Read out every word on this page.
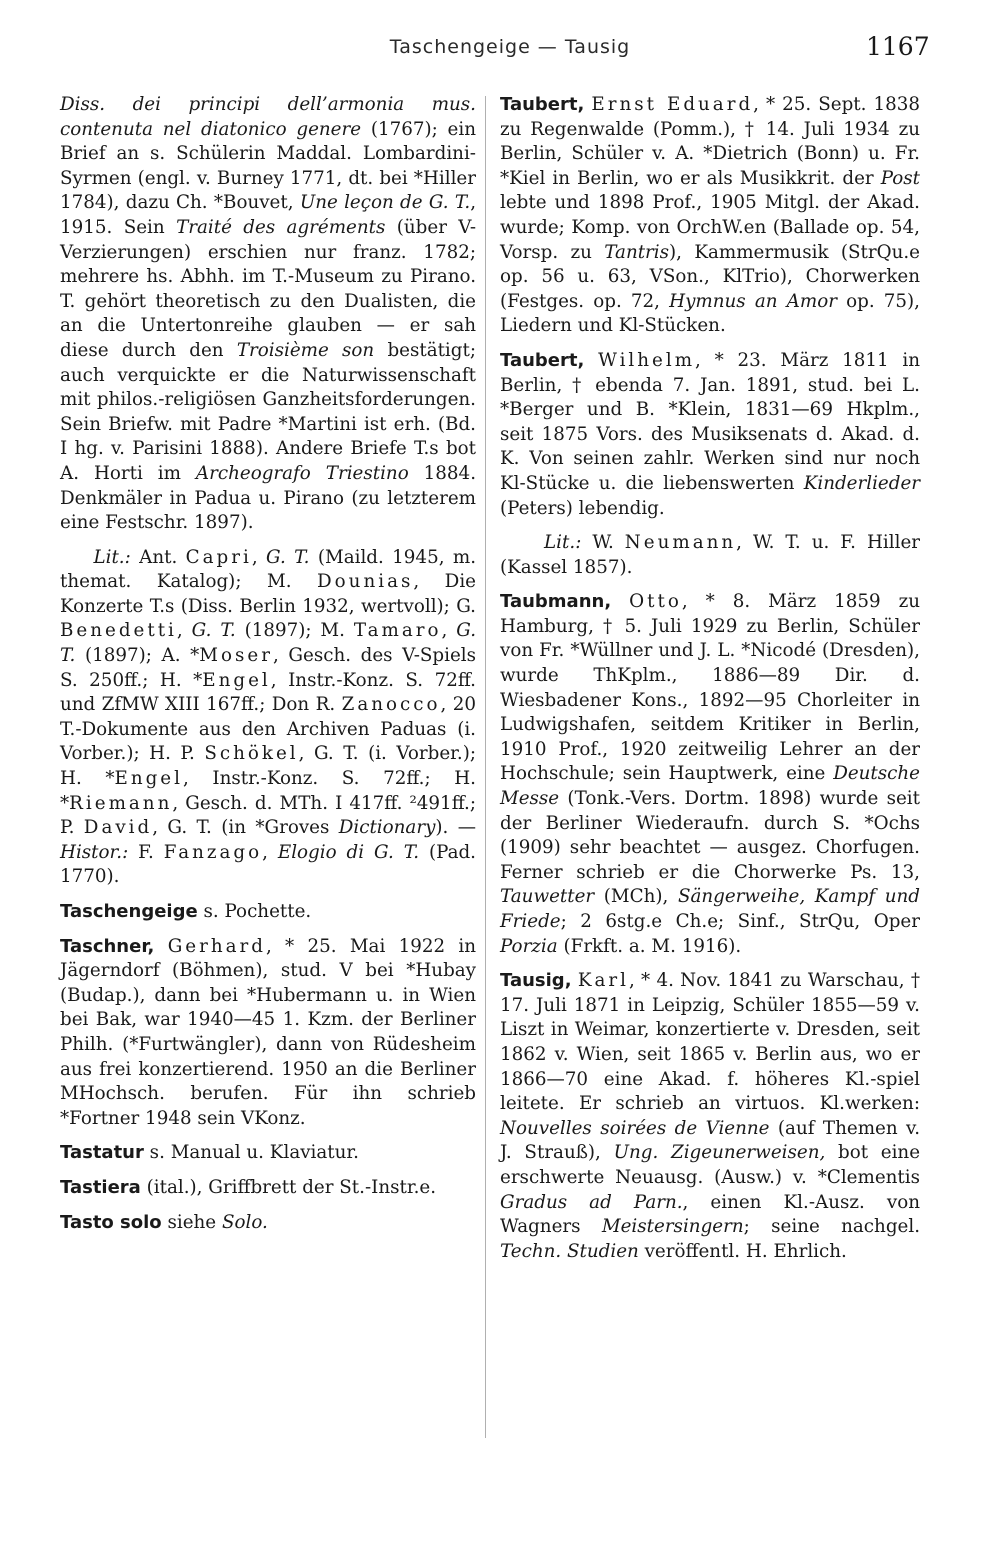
Taschengeige — Tausig	1167

Diss. dei principi dell’armonia mus. contenuta nel diatonico genere (1767); ein Brief an s. Schülerin Maddal. Lombardini-Syrmen (engl. v. Burney 1771, dt. bei *Hiller 1784), dazu Ch. *Bouvet, Une leçon de G. T., 1915. Sein Traité des agréments (über V-Verzierungen) erschien nur franz. 1782; mehrere hs. Abhh. im T.-Museum zu Pirano. T. gehört theoretisch zu den Dualisten, die an die Untertonreihe glauben — er sah diese durch den Troisième son bestätigt; auch verquickte er die Naturwissenschaft mit philos.-religiösen Ganzheitsforderungen. Sein Briefw. mit Padre *Martini ist erh. (Bd. I hg. v. Parisini 1888). Andere Briefe T.s bot A. Horti im Archeografo Triestino 1884. Denkmäler in Padua u. Pirano (zu letzterem eine Festschr. 1897).

Lit.: Ant. Capri, G. T. (Maild. 1945, m. themat. Katalog); M. Dounias, Die Konzerte T.s (Diss. Berlin 1932, wertvoll); G. Benedetti, G. T. (1897); M. Tamaro, G. T. (1897); A. *Moser, Gesch. des V-Spiels S. 250ff.; H. *Engel, Instr.-Konz. S. 72ff. und ZfMW XIII 167ff.; Don R. Zanocco, 20 T.-Dokumente aus den Archiven Paduas (i. Vorber.); H. P. Schökel, G. T. (i. Vorber.); H. *Engel, Instr.-Konz. S. 72ff.; H. *Riemann, Gesch. d. MTh. I 417ff. ²491ff.; P. David, G. T. (in *Groves Dictionary). — Histor.: F. Fanzago, Elogio di G. T. (Pad. 1770).

Taschengeige s. Pochette.

Taschner, Gerhard, * 25. Mai 1922 in Jägerndorf (Böhmen), stud. V bei *Hubay (Budap.), dann bei *Hubermann u. in Wien bei Bak, war 1940—45 1. Kzm. der Berliner Philh. (*Furtwängler), dann von Rüdesheim aus frei konzertierend. 1950 an die Berliner MHochsch. berufen. Für ihn schrieb *Fortner 1948 sein VKonz.

Tastatur s. Manual u. Klaviatur.

Tastiera (ital.), Griffbrett der St.-Instr.e.

Tasto solo siehe Solo.

Taubert, Ernst Eduard, * 25. Sept. 1838 zu Regenwalde (Pomm.), † 14. Juli 1934 zu Berlin, Schüler v. A. *Dietrich (Bonn) u. Fr. *Kiel in Berlin, wo er als Musikkrit. der Post lebte und 1898 Prof., 1905 Mitgl. der Akad. wurde; Komp. von OrchW.en (Ballade op. 54, Vorsp. zu Tantris), Kammermusik (StrQu.e op. 56 u. 63, VSon., KlTrio), Chorwerken (Festges. op. 72, Hymnus an Amor op. 75), Liedern und Kl-Stücken.

Taubert, Wilhelm, * 23. März 1811 in Berlin, † ebenda 7. Jan. 1891, stud. bei L. *Berger und B. *Klein, 1831—69 Hkplm., seit 1875 Vors. des Musiksenats d. Akad. d. K. Von seinen zahlr. Werken sind nur noch Kl-Stücke u. die liebenswerten Kinderlieder (Peters) lebendig.

Lit.: W. Neumann, W. T. u. F. Hiller (Kassel 1857).

Taubmann, Otto, * 8. März 1859 zu Hamburg, † 5. Juli 1929 zu Berlin, Schüler von Fr. *Wüllner und J. L. *Nicodé (Dresden), wurde ThKplm., 1886—89 Dir. d. Wiesbadener Kons., 1892—95 Chorleiter in Ludwigshafen, seitdem Kritiker in Berlin, 1910 Prof., 1920 zeitweilig Lehrer an der Hochschule; sein Hauptwerk, eine Deutsche Messe (Tonk.-Vers. Dortm. 1898) wurde seit der Berliner Wiederaufn. durch S. *Ochs (1909) sehr beachtet — ausgez. Chorfugen. Ferner schrieb er die Chorwerke Ps. 13, Tauwetter (MCh), Sängerweihe, Kampf und Friede; 2 6stg.e Ch.e; Sinf., StrQu, Oper Porzia (Frkft. a. M. 1916).

Tausig, Karl, * 4. Nov. 1841 zu Warschau, † 17. Juli 1871 in Leipzig, Schüler 1855—59 v. Liszt in Weimar, konzertierte v. Dresden, seit 1862 v. Wien, seit 1865 v. Berlin aus, wo er 1866—70 eine Akad. f. höheres Kl.-spiel leitete. Er schrieb an virtuos. Kl.werken: Nouvelles soirées de Vienne (auf Themen v. J. Strauß), Ung. Zigeunerweisen, bot eine erschwerte Neuausg. (Ausw.) v. *Clementis Gradus ad Parn., einen Kl.-Ausz. von Wagners Meistersingern; seine nachgel. Techn. Studien veröffentl. H. Ehrlich.
